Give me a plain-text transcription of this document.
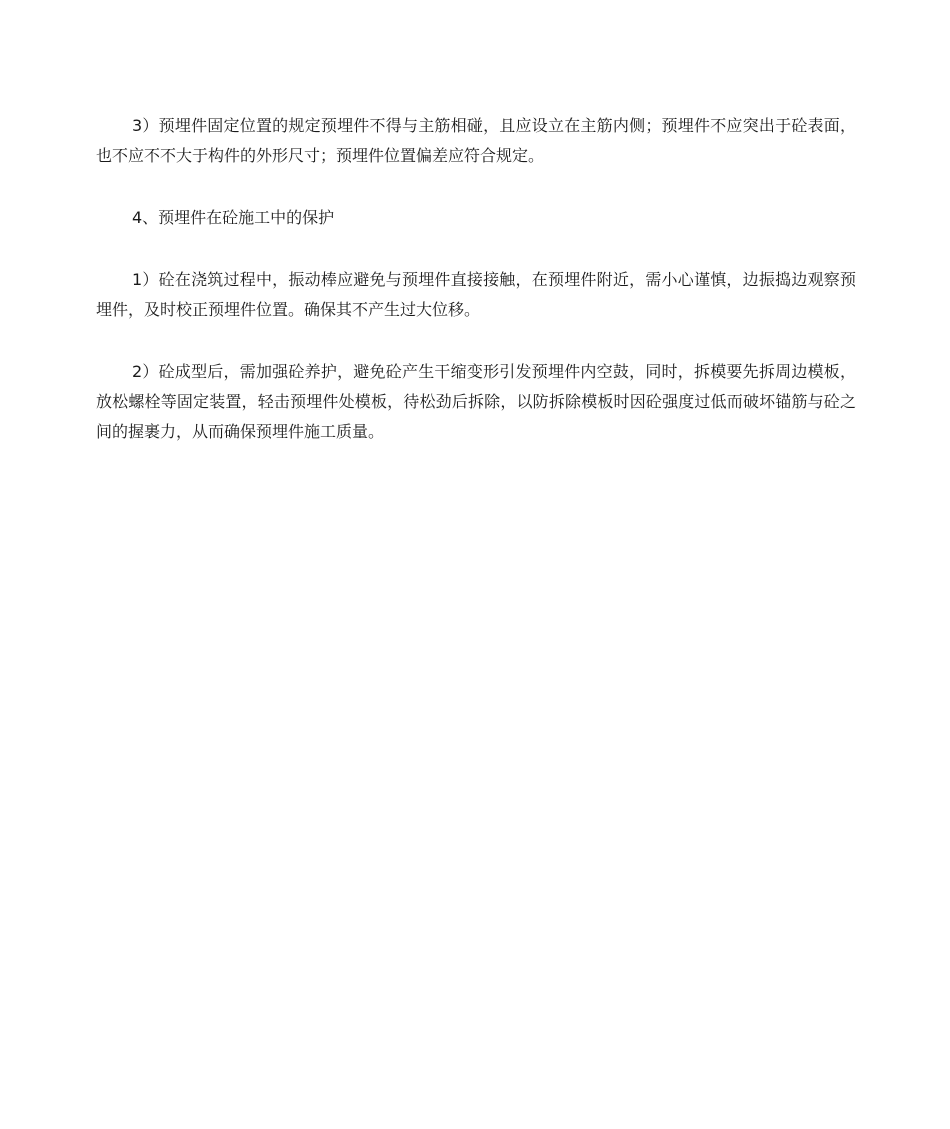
3）预埋件固定位置的规定预埋件不得与主筋相碰，且应设立在主筋内侧；预埋件不应突出于砼表面，也不应不不大于构件的外形尺寸；预埋件位置偏差应符合规定。

4、预埋件在砼施工中的保护

1）砼在浇筑过程中，振动棒应避免与预埋件直接接触，在预埋件附近，需小心谨慎，边振捣边观察预埋件，及时校正预埋件位置。确保其不产生过大位移。

2）砼成型后，需加强砼养护，避免砼产生干缩变形引发预埋件内空鼓，同时，拆模要先拆周边模板，放松螺栓等固定装置，轻击预埋件处模板，待松劲后拆除，以防拆除模板时因砼强度过低而破坏锚筋与砼之间的握裹力，从而确保预埋件施工质量。
